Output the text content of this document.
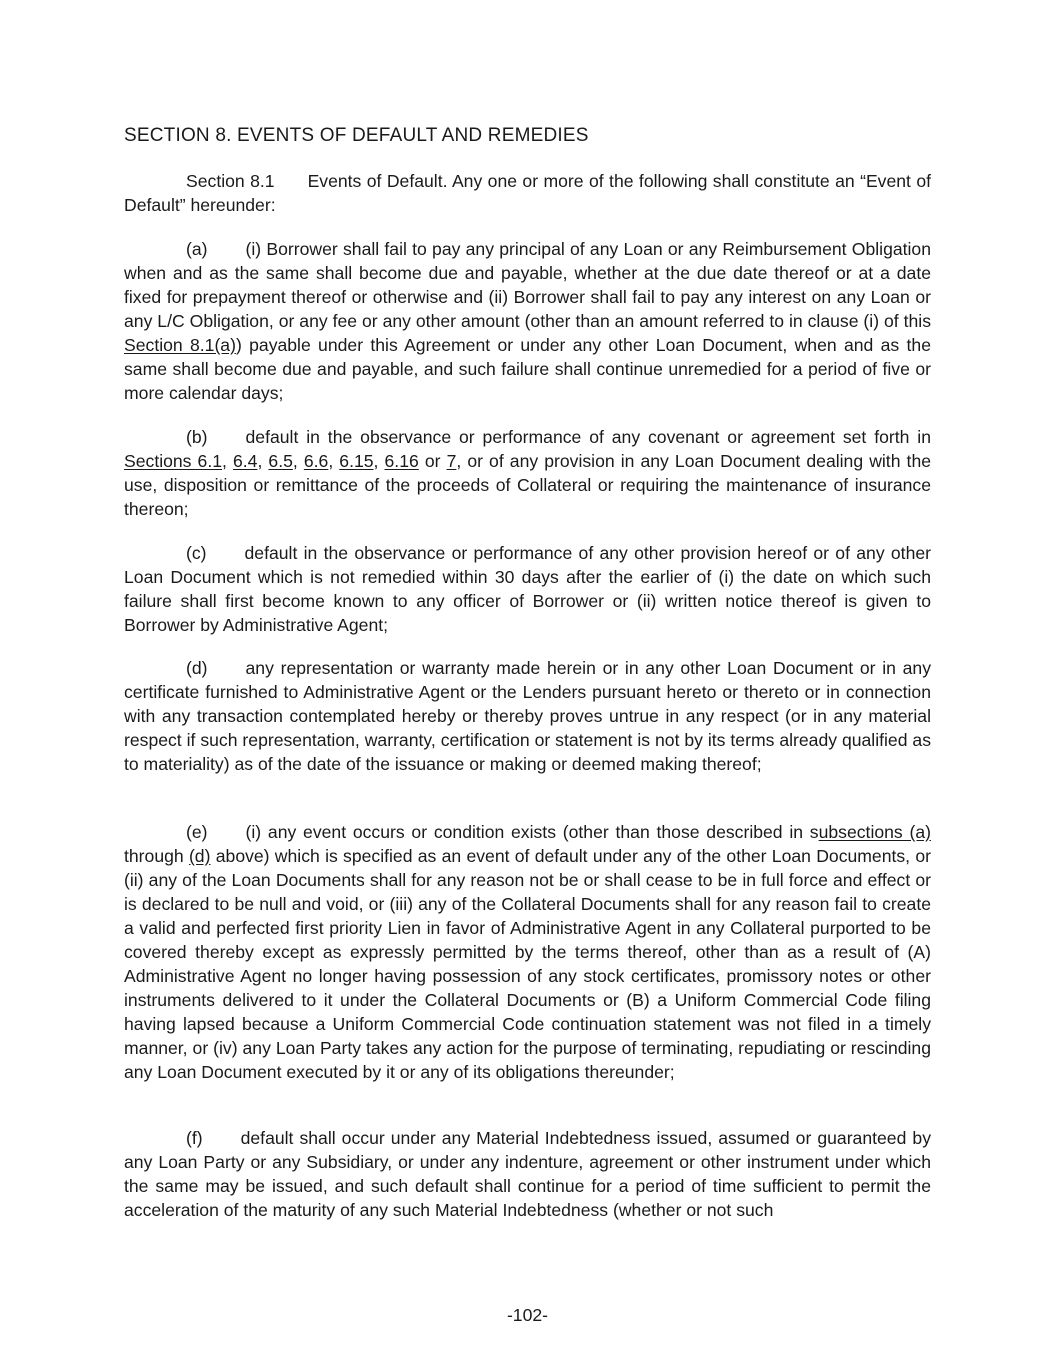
SECTION 8. EVENTS OF DEFAULT AND REMEDIES

Section 8.1 Events of Default. Any one or more of the following shall constitute an “Event of Default” hereunder:

(a) (i) Borrower shall fail to pay any principal of any Loan or any Reimbursement Obligation when and as the same shall become due and payable, whether at the due date thereof or at a date fixed for prepayment thereof or otherwise and (ii) Borrower shall fail to pay any interest on any Loan or any L/C Obligation, or any fee or any other amount (other than an amount referred to in clause (i) of this Section 8.1(a)) payable under this Agreement or under any other Loan Document, when and as the same shall become due and payable, and such failure shall continue unremedied for a period of five or more calendar days;

(b) default in the observance or performance of any covenant or agreement set forth in Sections 6.1, 6.4, 6.5, 6.6, 6.15, 6.16 or 7, or of any provision in any Loan Document dealing with the use, disposition or remittance of the proceeds of Collateral or requiring the maintenance of insurance thereon;

(c) default in the observance or performance of any other provision hereof or of any other Loan Document which is not remedied within 30 days after the earlier of (i) the date on which such failure shall first become known to any officer of Borrower or (ii) written notice thereof is given to Borrower by Administrative Agent;

(d) any representation or warranty made herein or in any other Loan Document or in any certificate furnished to Administrative Agent or the Lenders pursuant hereto or thereto or in connection with any transaction contemplated hereby or thereby proves untrue in any respect (or in any material respect if such representation, warranty, certification or statement is not by its terms already qualified as to materiality) as of the date of the issuance or making or deemed making thereof;

(e) (i) any event occurs or condition exists (other than those described in subsections (a) through (d) above) which is specified as an event of default under any of the other Loan Documents, or (ii) any of the Loan Documents shall for any reason not be or shall cease to be in full force and effect or is declared to be null and void, or (iii) any of the Collateral Documents shall for any reason fail to create a valid and perfected first priority Lien in favor of Administrative Agent in any Collateral purported to be covered thereby except as expressly permitted by the terms thereof, other than as a result of (A) Administrative Agent no longer having possession of any stock certificates, promissory notes or other instruments delivered to it under the Collateral Documents or (B) a Uniform Commercial Code filing having lapsed because a Uniform Commercial Code continuation statement was not filed in a timely manner, or (iv) any Loan Party takes any action for the purpose of terminating, repudiating or rescinding any Loan Document executed by it or any of its obligations thereunder;

(f) default shall occur under any Material Indebtedness issued, assumed or guaranteed by any Loan Party or any Subsidiary, or under any indenture, agreement or other instrument under which the same may be issued, and such default shall continue for a period of time sufficient to permit the acceleration of the maturity of any such Material Indebtedness (whether or not such

-102-
